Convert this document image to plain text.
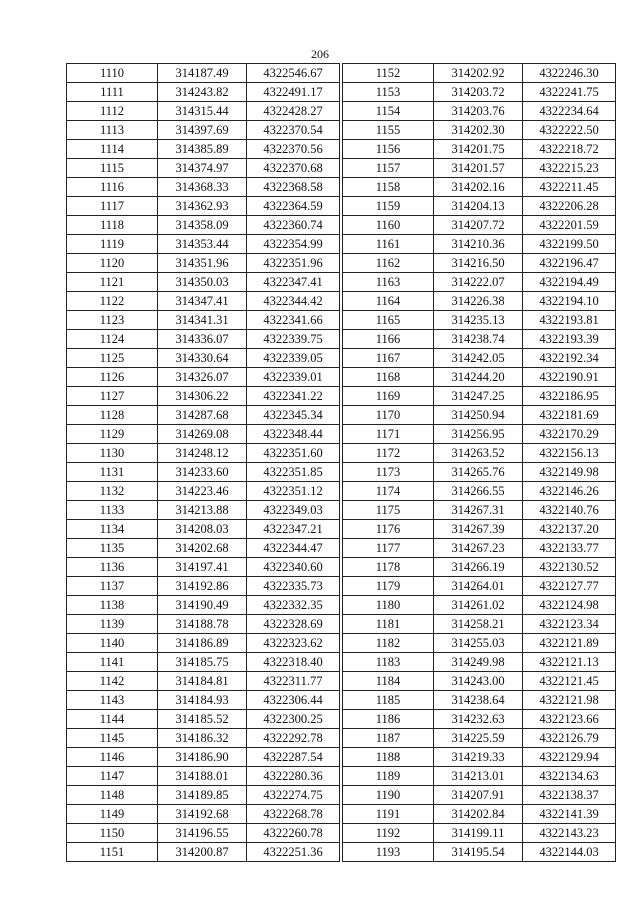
206
1110	314187.49	4322546.67
1111	314243.82	4322491.17
1112	314315.44	4322428.27
1113	314397.69	4322370.54
1114	314385.89	4322370.56
1115	314374.97	4322370.68
1116	314368.33	4322368.58
1117	314362.93	4322364.59
1118	314358.09	4322360.74
1119	314353.44	4322354.99
1120	314351.96	4322351.96
1121	314350.03	4322347.41
1122	314347.41	4322344.42
1123	314341.31	4322341.66
1124	314336.07	4322339.75
1125	314330.64	4322339.05
1126	314326.07	4322339.01
1127	314306.22	4322341.22
1128	314287.68	4322345.34
1129	314269.08	4322348.44
1130	314248.12	4322351.60
1131	314233.60	4322351.85
1132	314223.46	4322351.12
1133	314213.88	4322349.03
1134	314208.03	4322347.21
1135	314202.68	4322344.47
1136	314197.41	4322340.60
1137	314192.86	4322335.73
1138	314190.49	4322332.35
1139	314188.78	4322328.69
1140	314186.89	4322323.62
1141	314185.75	4322318.40
1142	314184.81	4322311.77
1143	314184.93	4322306.44
1144	314185.52	4322300.25
1145	314186.32	4322292.78
1146	314186.90	4322287.54
1147	314188.01	4322280.36
1148	314189.85	4322274.75
1149	314192.68	4322268.78
1150	314196.55	4322260.78
1151	314200.87	4322251.36
1152	314202.92	4322246.30
1153	314203.72	4322241.75
1154	314203.76	4322234.64
1155	314202.30	4322222.50
1156	314201.75	4322218.72
1157	314201.57	4322215.23
1158	314202.16	4322211.45
1159	314204.13	4322206.28
1160	314207.72	4322201.59
1161	314210.36	4322199.50
1162	314216.50	4322196.47
1163	314222.07	4322194.49
1164	314226.38	4322194.10
1165	314235.13	4322193.81
1166	314238.74	4322193.39
1167	314242.05	4322192.34
1168	314244.20	4322190.91
1169	314247.25	4322186.95
1170	314250.94	4322181.69
1171	314256.95	4322170.29
1172	314263.52	4322156.13
1173	314265.76	4322149.98
1174	314266.55	4322146.26
1175	314267.31	4322140.76
1176	314267.39	4322137.20
1177	314267.23	4322133.77
1178	314266.19	4322130.52
1179	314264.01	4322127.77
1180	314261.02	4322124.98
1181	314258.21	4322123.34
1182	314255.03	4322121.89
1183	314249.98	4322121.13
1184	314243.00	4322121.45
1185	314238.64	4322121.98
1186	314232.63	4322123.66
1187	314225.59	4322126.79
1188	314219.33	4322129.94
1189	314213.01	4322134.63
1190	314207.91	4322138.37
1191	314202.84	4322141.39
1192	314199.11	4322143.23
1193	314195.54	4322144.03
